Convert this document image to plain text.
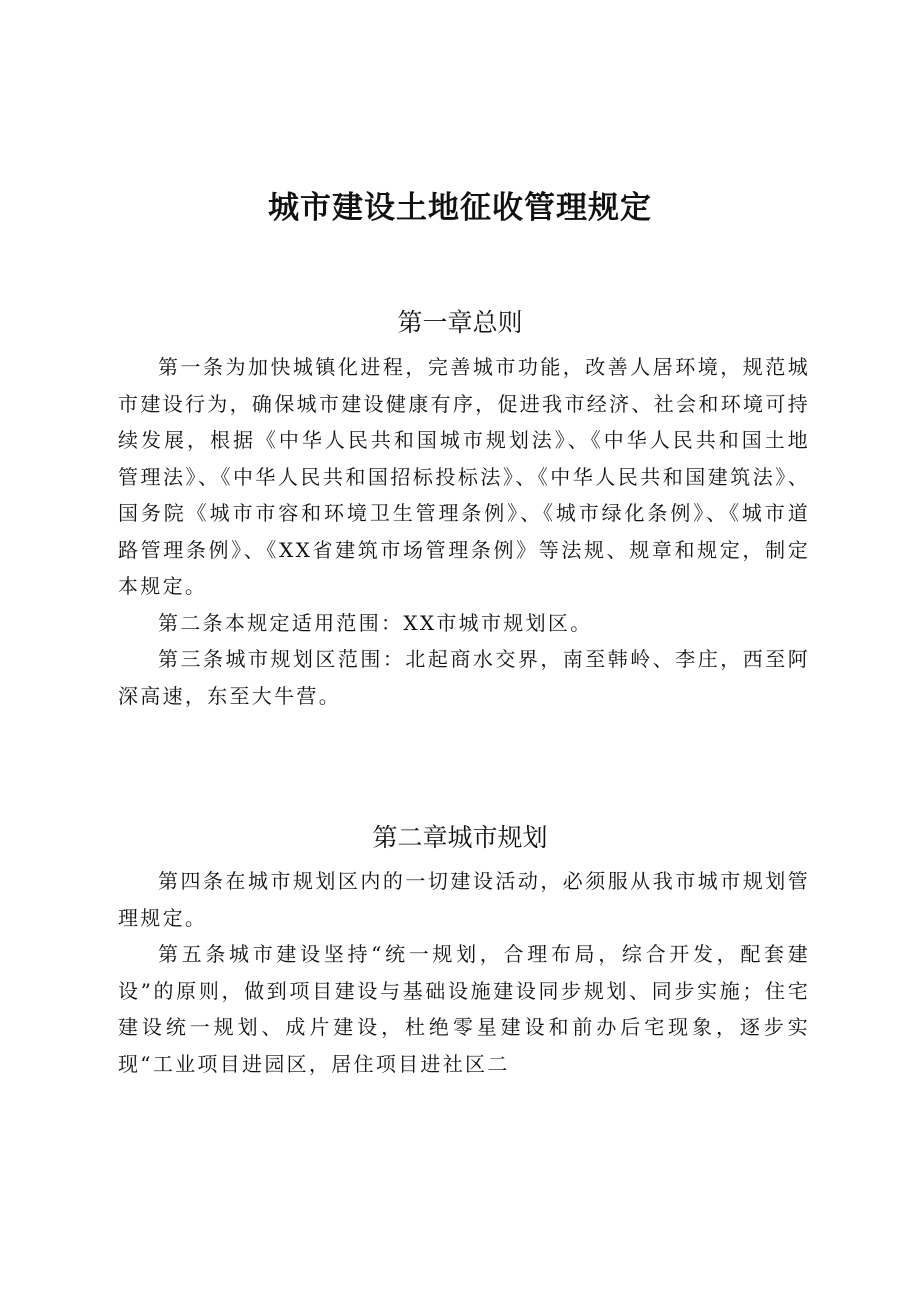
城市建设土地征收管理规定
第一章总则

第一条为加快城镇化进程，完善城市功能，改善人居环境，规范城市建设行为，确保城市建设健康有序，促进我市经济、社会和环境可持续发展，根据《中华人民共和国城市规划法》、《中华人民共和国土地管理法》、《中华人民共和国招标投标法》、《中华人民共和国建筑法》、国务院《城市市容和环境卫生管理条例》、《城市绿化条例》、《城市道路管理条例》、《XX省建筑市场管理条例》等法规、规章和规定，制定本规定。

第二条本规定适用范围：XX市城市规划区。

第三条城市规划区范围：北起商水交界，南至韩岭、李庄，西至阿深高速，东至大牛营。

第二章城市规划

第四条在城市规划区内的一切建设活动，必须服从我市城市规划管理规定。

第五条城市建设坚持“统一规划，合理布局，综合开发，配套建设”的原则，做到项目建设与基础设施建设同步规划、同步实施；住宅建设统一规划、成片建设，杜绝零星建设和前办后宅现象，逐步实现“工业项目进园区，居住项目进社区二
